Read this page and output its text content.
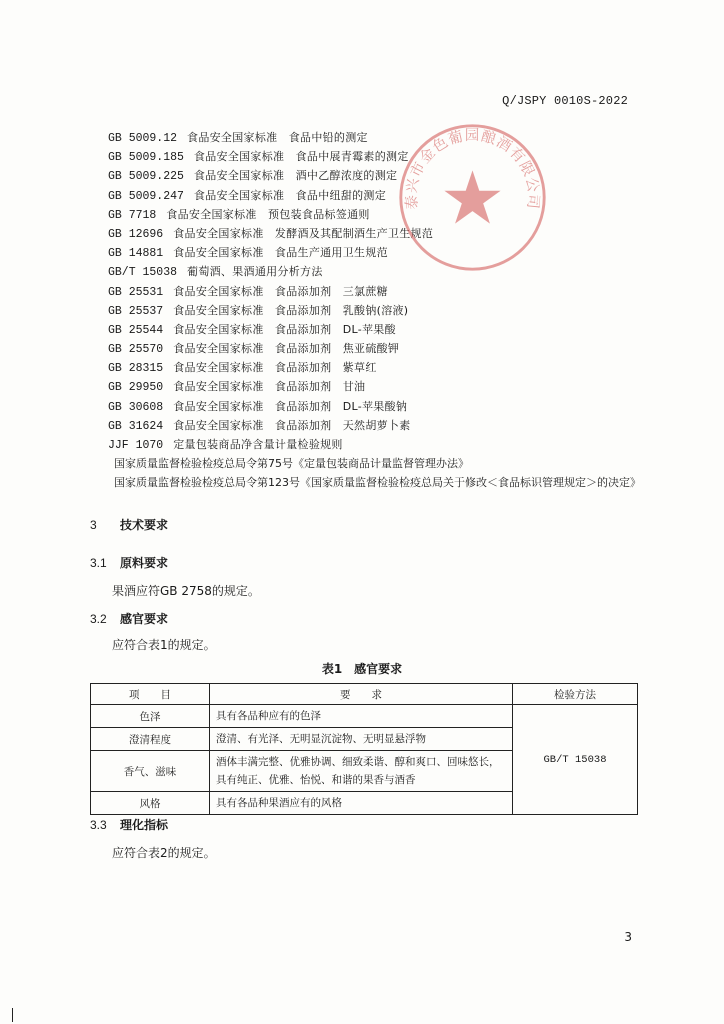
Q/JSPY 0010S-2022
GB 5009.12 食品安全国家标准　食品中铅的测定
GB 5009.185 食品安全国家标准　食品中展青霉素的测定
GB 5009.225 食品安全国家标准　酒中乙醇浓度的测定
GB 5009.247 食品安全国家标准　食品中纽甜的测定
GB 7718 食品安全国家标准　预包装食品标签通则
GB 12696 食品安全国家标准　发酵酒及其配制酒生产卫生规范
GB 14881 食品安全国家标准　食品生产通用卫生规范
GB/T 15038 葡萄酒、果酒通用分析方法
GB 25531 食品安全国家标准　食品添加剂　三氯蔗糖
GB 25537 食品安全国家标准　食品添加剂　乳酸钠(溶液)
GB 25544 食品安全国家标准　食品添加剂　DL-苹果酸
GB 25570 食品安全国家标准　食品添加剂　焦亚硫酸钾
GB 28315 食品安全国家标准　食品添加剂　紫草红
GB 29950 食品安全国家标准　食品添加剂　甘油
GB 30608 食品安全国家标准　食品添加剂　DL-苹果酸钠
GB 31624 食品安全国家标准　食品添加剂　天然胡萝卜素
JJF 1070 定量包装商品净含量计量检验规则
国家质量监督检验检疫总局令第75号《定量包装商品计量监督管理办法》
国家质量监督检验检疫总局令第123号《国家质量监督检验检疫总局关于修改＜食品标识管理规定＞的决定》
3 技术要求
3.1 原料要求
果酒应符GB 2758的规定。
3.2 感官要求
应符合表1的规定。
表1　感官要求
项　　目	要　　求	检验方法
色泽	具有各品种应有的色泽	GB/T 15038
澄清程度	澄清、有光泽、无明显沉淀物、无明显悬浮物	
香气、滋味	酒体丰满完整、优雅协调、细致柔谐、醇和爽口、回味悠长，具有纯正、优雅、怡悦、和谐的果香与酒香	
风格	具有各品种果酒应有的风格	
3.3 理化指标
应符合表2的规定。
3
泰兴市金色葡园酿酒有限公司
